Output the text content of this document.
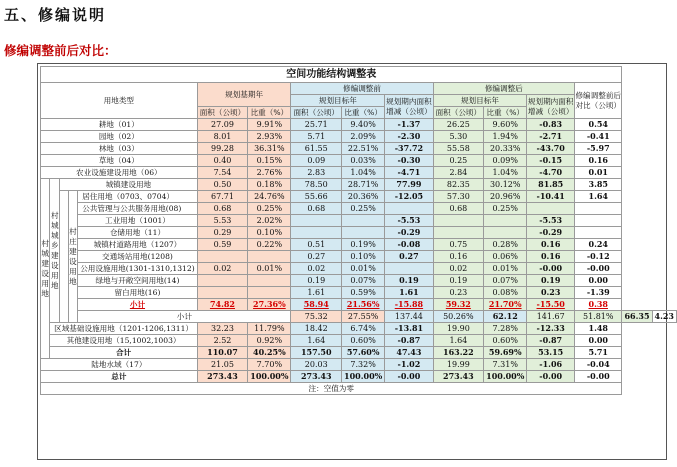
五、修编说明
修编调整前后对比：
空间功能结构调整表															
用地类型					规划基期年		修编调整前			修编调整后			修编调整前后对比（公顷）		
							规划目标年		规划期内面积增减（公顷）	规划目标年		规划期内面积增减（公顷）			
					面积（公顷）	比重（%）	面积（公顷）	比重（%）		面积（公顷）	比重（%）				
耕地（01）					27.09	9.91%	25.71	9.40%	-1.37	26.25	9.60%	-0.83	0.54		
园地（02）					8.01	2.93%	5.71	2.09%	-2.30	5.30	1.94%	-2.71	-0.41		
林地（03）					99.28	36.31%	61.55	22.51%	-37.72	55.58	20.33%	-43.70	-5.97		
草地（04）					0.40	0.15%	0.09	0.03%	-0.30	0.25	0.09%	-0.15	0.16		
农业设施建设用地（06）					7.54	2.76%	2.83	1.04%	-4.71	2.84	1.04%	-4.70	0.01		
村城建设用地	村城城乡建设用地	城镇建设用地			0.50	0.18%	78.50	28.71%	77.99	82.35	30.12%	81.85	3.85		
			村庄建设用地	居住用地（0703、0704）	67.71	24.76%	55.66	20.36%	-12.05	57.30	20.96%	-10.41	1.64		
				公共管理与公共服务用地(08)	0.68	0.25%	0.68	0.25%		0.68	0.25%				
				工业用地（1001）	5.53	2.02%			-5.53			-5.53			
				仓储用地（11）	0.29	0.10%			-0.29			-0.29			
				城镇村道路用地（1207）	0.59	0.22%	0.51	0.19%	-0.08	0.75	0.28%	0.16	0.24		
				交通场站用地(1208)			0.27	0.10%	0.27	0.16	0.06%	0.16	-0.12		
				公用设施用地(1301-1310,1312)	0.02	0.01%	0.02	0.01%		0.02	0.01%	-0.00	-0.00		
				绿地与开敞空间用地(14)			0.19	0.07%	0.19	0.19	0.07%	0.19	0.00		
				留白用地(16)			1.61	0.59%	1.61	0.23	0.08%	0.23	-1.39		
				小计	74.82	27.36%	58.94	21.56%	-15.88	59.32	21.70%	-15.50	0.38		
				小计			75.32	27.55%	137.44	50.26%	62.12	141.67	51.81%	66.35	4.23
	区域基础设施用地（1201-1206,1311）				32.23	11.79%	18.42	6.74%	-13.81	19.90	7.28%	-12.33	1.48		
	其他建设用地（15,1002,1003）				2.52	0.92%	1.64	0.60%	-0.87	1.64	0.60%	-0.87	0.00		
	合计				110.07	40.25%	157.50	57.60%	47.43	163.22	59.69%	53.15	5.71		
陆地水域（17）					21.05	7.70%	20.03	7.32%	-1.02	19.99	7.31%	-1.06	-0.04		
总计					273.43	100.00%	273.43	100.00%	-0.00	273.43	100.00%	-0.00	-0.00		
注：空值为零															
